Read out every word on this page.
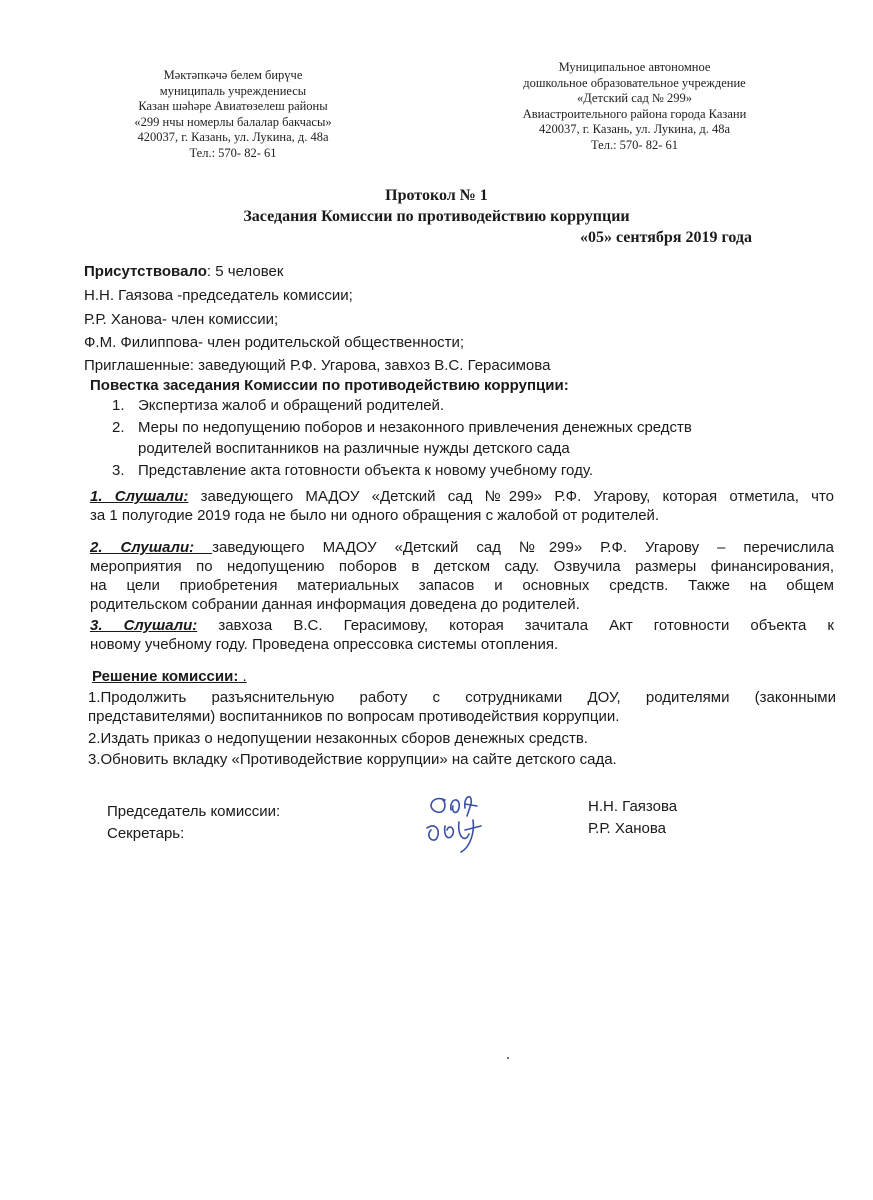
Мәктәпкәчә белем бирүче
муниципаль учреждениесы
Казан шәһәре Авиатөзелеш районы
«299 нчы номерлы балалар бакчасы»
420037, г. Казань, ул. Лукина, д. 48а
Тел.: 570- 82- 61
Муниципальное автономное
дошкольное образовательное учреждение
«Детский сад № 299»
Авиастроительного района города Казани
420037, г. Казань, ул. Лукина, д. 48а
Тел.: 570- 82- 61
Протокол № 1
Заседания Комиссии по противодействию коррупции
«05» сентября 2019 года
Присутствовало: 5 человек
Н.Н. Гаязова -председатель комиссии;
Р.Р. Ханова- член комиссии;
Ф.М. Филиппова- член родительской общественности;
Приглашенные: заведующий Р.Ф. Угарова, завхоз В.С. Герасимова
Повестка заседания Комиссии по противодействию коррупции:
1. Экспертиза жалоб и обращений родителей.
2. Меры по недопущению поборов и незаконного привлечения денежных средств
родителей воспитанников на различные нужды детского сада
3. Представление акта готовности объекта к новому учебному году.
1. Слушали: заведующего МАДОУ «Детский сад №299» Р.Ф. Угарову, которая отметила, что
за 1 полугодие 2019 года не было ни одного обращения с жалобой от родителей.
2. Слушали: заведующего МАДОУ «Детский сад №299» Р.Ф. Угарову – перечислила
мероприятия по недопущению поборов в детском саду. Озвучила размеры финансирования,
на цели приобретения материальных запасов и основных средств. Также на общем
родительском собрании данная информация доведена до родителей.
3. Слушали: завхоза В.С. Герасимову, которая зачитала Акт готовности объекта к
новому учебному году. Проведена опрессовка системы отопления.
Решение комиссии: .
1.Продолжить разъяснительную работу с сотрудниками ДОУ, родителями (законными
представителями) воспитанников по вопросам противодействия коррупции.
2.Издать приказ о недопущении незаконных сборов денежных средств.
3.Обновить вкладку «Противодействие коррупции» на сайте детского сада.
Председатель комиссии:	Н.Н. Гаязова
Секретарь:	Р.Р. Ханова
